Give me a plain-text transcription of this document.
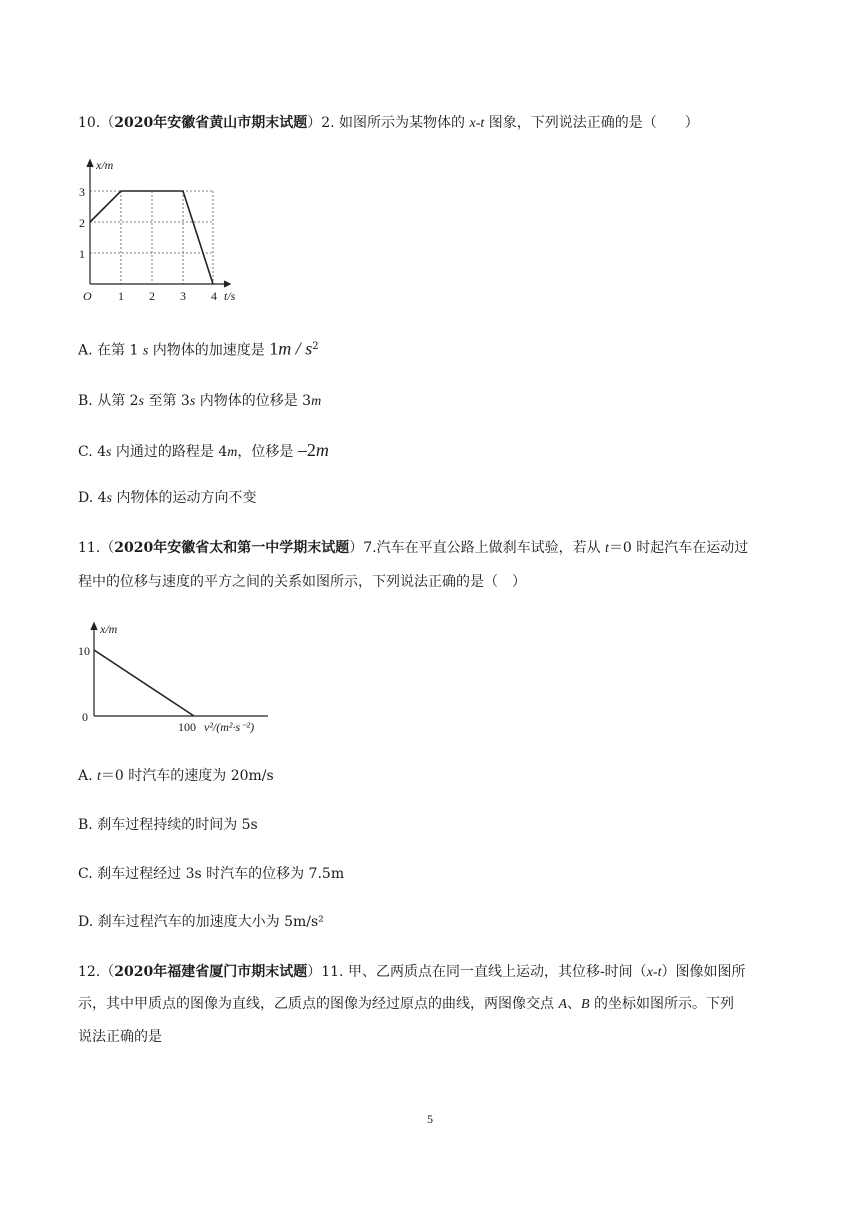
10.（2020年安徽省黄山市期末试题）2. 如图所示为某物体的 x-t 图象，下列说法正确的是（　　）
x/m
3
2
1
O 1 2 3 4 t/s
A. 在第 1 s 内物体的加速度是 $1m / s^2$
B. 从第 2s 至第 3s 内物体的位移是 3m
C. 4s 内通过的路程是 4m，位移是 –2m
D. 4s 内物体的运动方向不变
11.（2020年安徽省太和第一中学期末试题）7.汽车在平直公路上做刹车试验，若从 t＝0 时起汽车在运动过
程中的位移与速度的平方之间的关系如图所示，下列说法正确的是（　）
x/m
10
0
100 v²/(m²·s⁻²)
A. t＝0 时汽车的速度为 20m/s
B. 刹车过程持续的时间为 5s
C. 刹车过程经过 3s 时汽车的位移为 7.5m
D. 刹车过程汽车的加速度大小为 5m/s²
12.（2020年福建省厦门市期末试题）11. 甲、乙两质点在同一直线上运动，其位移-时间（x-t）图像如图所
示，其中甲质点的图像为直线，乙质点的图像为经过原点的曲线，两图像交点 A、B 的坐标如图所示。下列
说法正确的是
5
